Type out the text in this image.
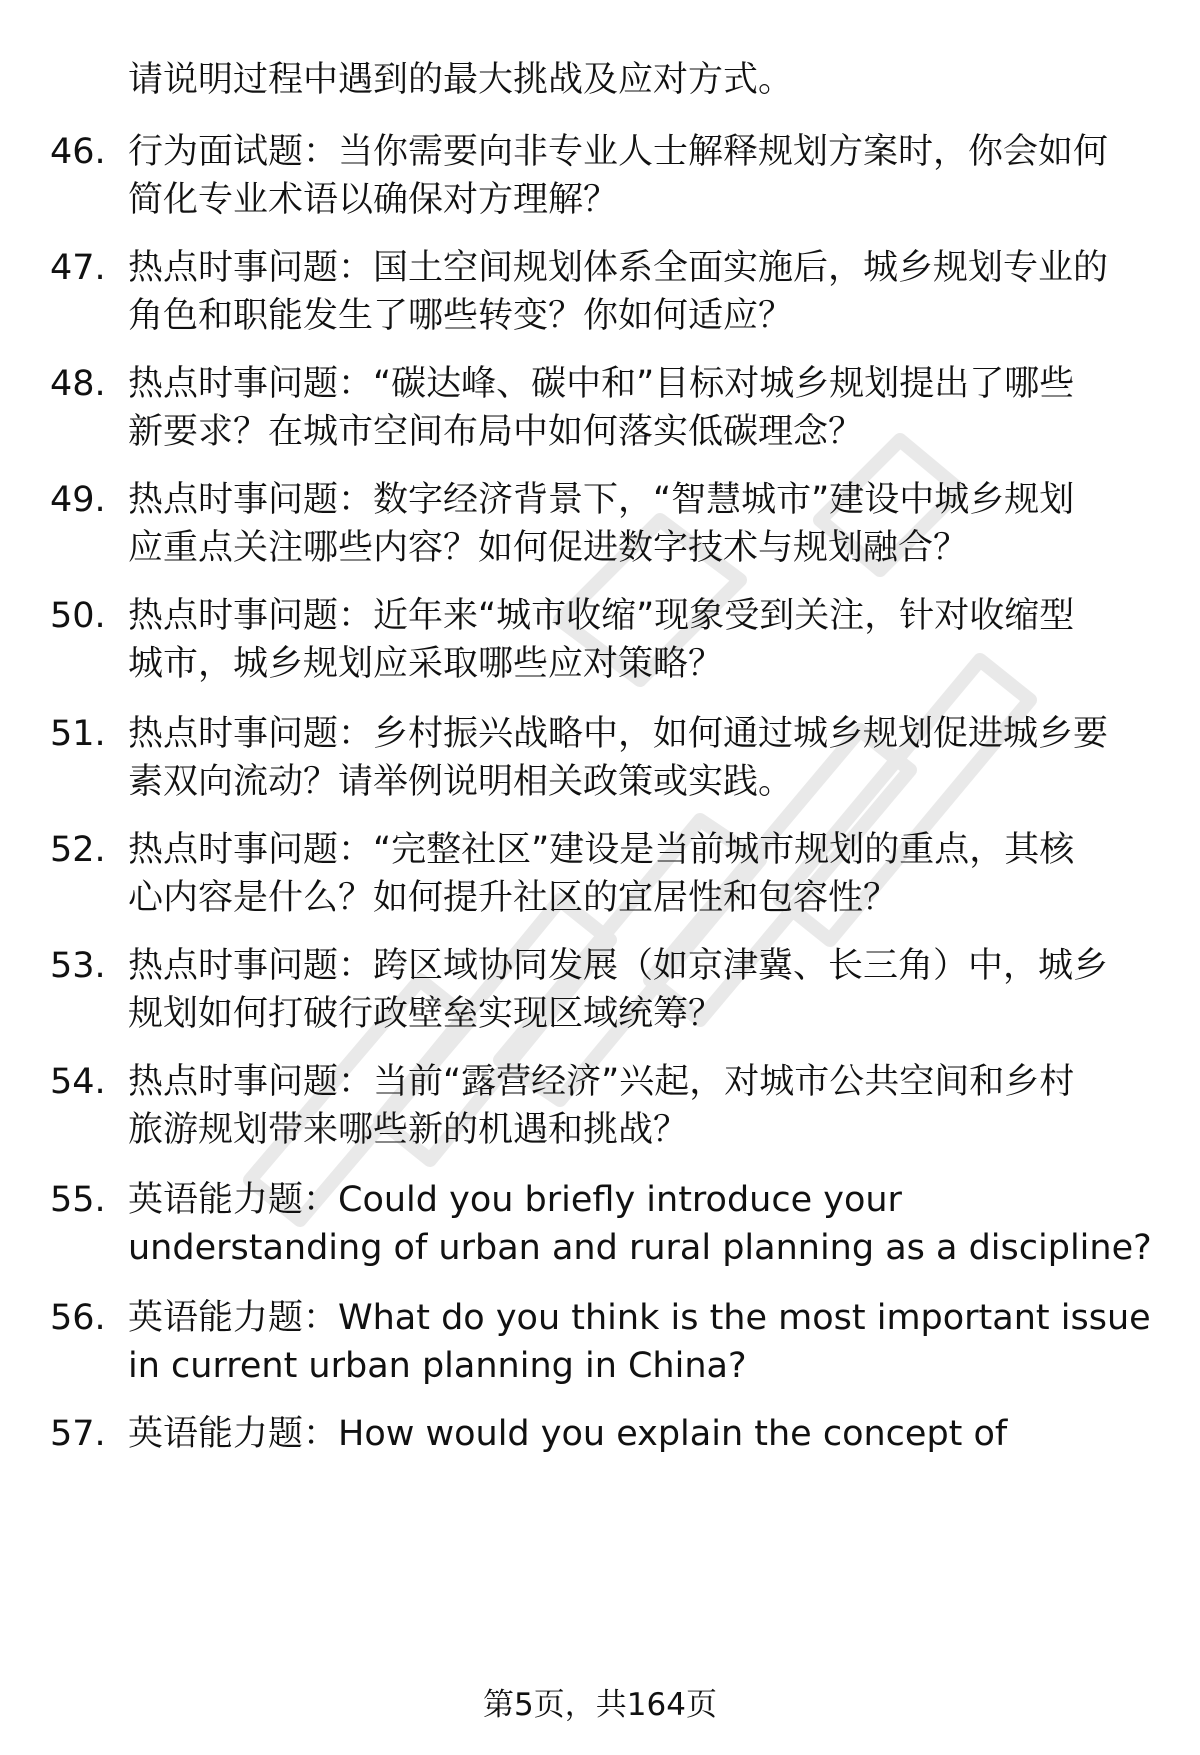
请说明过程中遇到的最大挑战及应对方式。
46. 行为面试题：当你需要向非专业人士解释规划方案时，你会如何
简化专业术语以确保对方理解？
47. 热点时事问题：国土空间规划体系全面实施后，城乡规划专业的
角色和职能发生了哪些转变？你如何适应？
48. 热点时事问题：“碳达峰、碳中和”目标对城乡规划提出了哪些
新要求？在城市空间布局中如何落实低碳理念？
49. 热点时事问题：数字经济背景下，“智慧城市”建设中城乡规划
应重点关注哪些内容？如何促进数字技术与规划融合？
50. 热点时事问题：近年来“城市收缩”现象受到关注，针对收缩型
城市，城乡规划应采取哪些应对策略？
51. 热点时事问题：乡村振兴战略中，如何通过城乡规划促进城乡要
素双向流动？请举例说明相关政策或实践。
52. 热点时事问题：“完整社区”建设是当前城市规划的重点，其核
心内容是什么？如何提升社区的宜居性和包容性？
53. 热点时事问题：跨区域协同发展（如京津冀、长三角）中，城乡
规划如何打破行政壁垒实现区域统筹？
54. 热点时事问题：当前“露营经济”兴起，对城市公共空间和乡村
旅游规划带来哪些新的机遇和挑战？
55. 英语能力题：Could you briefly introduce your
understanding of urban and rural planning as a discipline?
56. 英语能力题：What do you think is the most important issue
in current urban planning in China?
57. 英语能力题：How would you explain the concept of
第5页，共164页
